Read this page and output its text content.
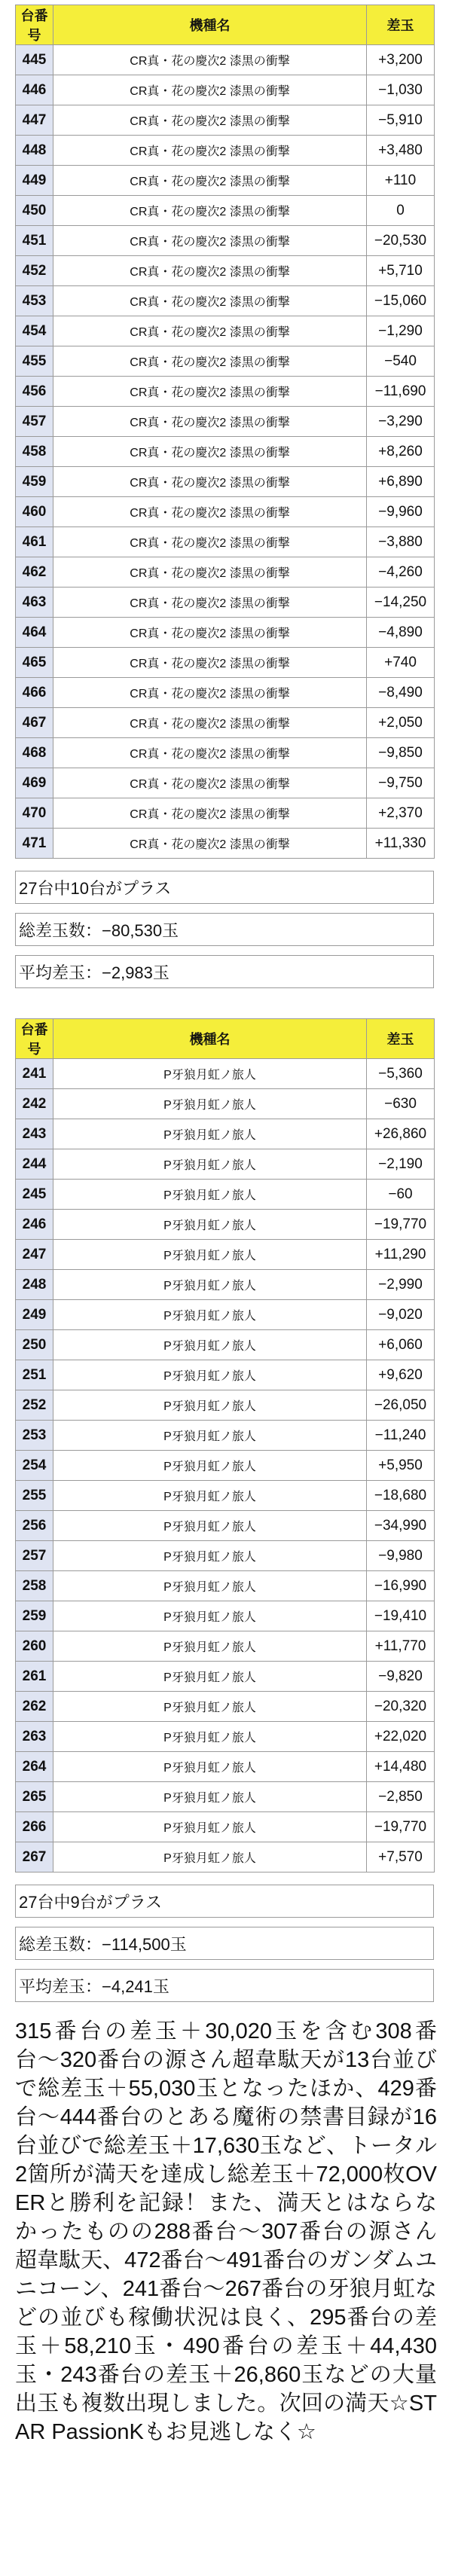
台番号	機種名	差玉
445	CR真・花の慶次2 漆黒の衝撃	+3,200
446	CR真・花の慶次2 漆黒の衝撃	−1,030
447	CR真・花の慶次2 漆黒の衝撃	−5,910
448	CR真・花の慶次2 漆黒の衝撃	+3,480
449	CR真・花の慶次2 漆黒の衝撃	+110
450	CR真・花の慶次2 漆黒の衝撃	0
451	CR真・花の慶次2 漆黒の衝撃	−20,530
452	CR真・花の慶次2 漆黒の衝撃	+5,710
453	CR真・花の慶次2 漆黒の衝撃	−15,060
454	CR真・花の慶次2 漆黒の衝撃	−1,290
455	CR真・花の慶次2 漆黒の衝撃	−540
456	CR真・花の慶次2 漆黒の衝撃	−11,690
457	CR真・花の慶次2 漆黒の衝撃	−3,290
458	CR真・花の慶次2 漆黒の衝撃	+8,260
459	CR真・花の慶次2 漆黒の衝撃	+6,890
460	CR真・花の慶次2 漆黒の衝撃	−9,960
461	CR真・花の慶次2 漆黒の衝撃	−3,880
462	CR真・花の慶次2 漆黒の衝撃	−4,260
463	CR真・花の慶次2 漆黒の衝撃	−14,250
464	CR真・花の慶次2 漆黒の衝撃	−4,890
465	CR真・花の慶次2 漆黒の衝撃	+740
466	CR真・花の慶次2 漆黒の衝撃	−8,490
467	CR真・花の慶次2 漆黒の衝撃	+2,050
468	CR真・花の慶次2 漆黒の衝撃	−9,850
469	CR真・花の慶次2 漆黒の衝撃	−9,750
470	CR真・花の慶次2 漆黒の衝撃	+2,370
471	CR真・花の慶次2 漆黒の衝撃	+11,330
27台中10台がプラス
総差玉数：−80,530玉
平均差玉：−2,983玉
台番号	機種名	差玉
241	P牙狼月虹ノ旅人	−5,360
242	P牙狼月虹ノ旅人	−630
243	P牙狼月虹ノ旅人	+26,860
244	P牙狼月虹ノ旅人	−2,190
245	P牙狼月虹ノ旅人	−60
246	P牙狼月虹ノ旅人	−19,770
247	P牙狼月虹ノ旅人	+11,290
248	P牙狼月虹ノ旅人	−2,990
249	P牙狼月虹ノ旅人	−9,020
250	P牙狼月虹ノ旅人	+6,060
251	P牙狼月虹ノ旅人	+9,620
252	P牙狼月虹ノ旅人	−26,050
253	P牙狼月虹ノ旅人	−11,240
254	P牙狼月虹ノ旅人	+5,950
255	P牙狼月虹ノ旅人	−18,680
256	P牙狼月虹ノ旅人	−34,990
257	P牙狼月虹ノ旅人	−9,980
258	P牙狼月虹ノ旅人	−16,990
259	P牙狼月虹ノ旅人	−19,410
260	P牙狼月虹ノ旅人	+11,770
261	P牙狼月虹ノ旅人	−9,820
262	P牙狼月虹ノ旅人	−20,320
263	P牙狼月虹ノ旅人	+22,020
264	P牙狼月虹ノ旅人	+14,480
265	P牙狼月虹ノ旅人	−2,850
266	P牙狼月虹ノ旅人	−19,770
267	P牙狼月虹ノ旅人	+7,570
27台中9台がプラス
総差玉数：−114,500玉
平均差玉：−4,241玉

315番台の差玉＋30,020玉を含む308番台〜320番台の源さん超韋駄天が13台並びで総差玉＋55,030玉となったほか、429番台〜444番台のとある魔術の禁書目録が16台並びで総差玉＋17,630玉など、トータル2箇所が満天を達成し総差玉＋72,000枚OVERと勝利を記録！また、満天とはならなかったものの288番台〜307番台の源さん超韋駄天、472番台〜491番台のガンダムユニコーン、241番台〜267番台の牙狼月虹などの並びも稼働状況は良く、295番台の差玉＋58,210玉・490番台の差玉＋44,430玉・243番台の差玉＋26,860玉などの大量出玉も複数出現しました。次回の満天☆STAR PassionKもお見逃しなく☆
